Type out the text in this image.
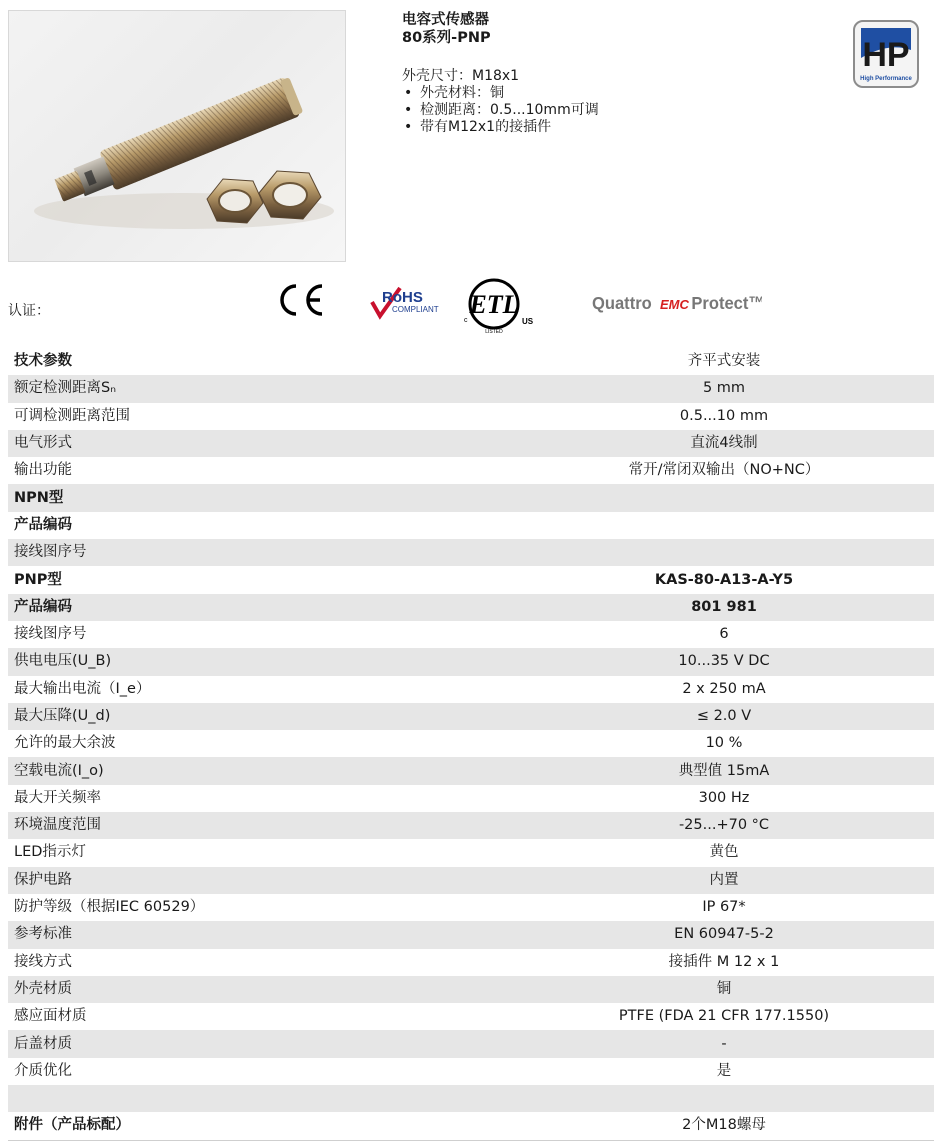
电容式传感器
80系列-PNP

外壳尺寸：M18x1

• 外壳材料：铜
• 检测距离：0.5...10mm可调
• 带有M12x1的接插件
HP
High Performance
认证：
RoHS
COMPLIANT ETL
c	US
LISTED
Quattro EMC Protect™
技术参数	齐平式安装
额定检测距离Sₙ	5 mm
可调检测距离范围	0.5...10 mm
电气形式	直流4线制
输出功能	常开/常闭双输出（NO+NC）
NPN型	
产品编码	
接线图序号	
PNP型	KAS-80-A13-A-Y5
产品编码	801 981
接线图序号	6
供电电压(U_B)	10...35 V DC
最大输出电流（I_e）	2 x 250 mA
最大压降(U_d)	≤ 2.0 V
允许的最大余波	10 %
空载电流(I_o)	典型值 15mA
最大开关频率	300 Hz
环境温度范围	-25...+70 °C
LED指示灯	黄色
保护电路	内置
防护等级（根据IEC 60529）	IP 67*
参考标准	EN 60947-5-2
接线方式	接插件 M 12 x 1
外壳材质	铜
感应面材质	PTFE (FDA 21 CFR 177.1550)
后盖材质	-
介质优化	是

附件（产品标配）	2个M18螺母
